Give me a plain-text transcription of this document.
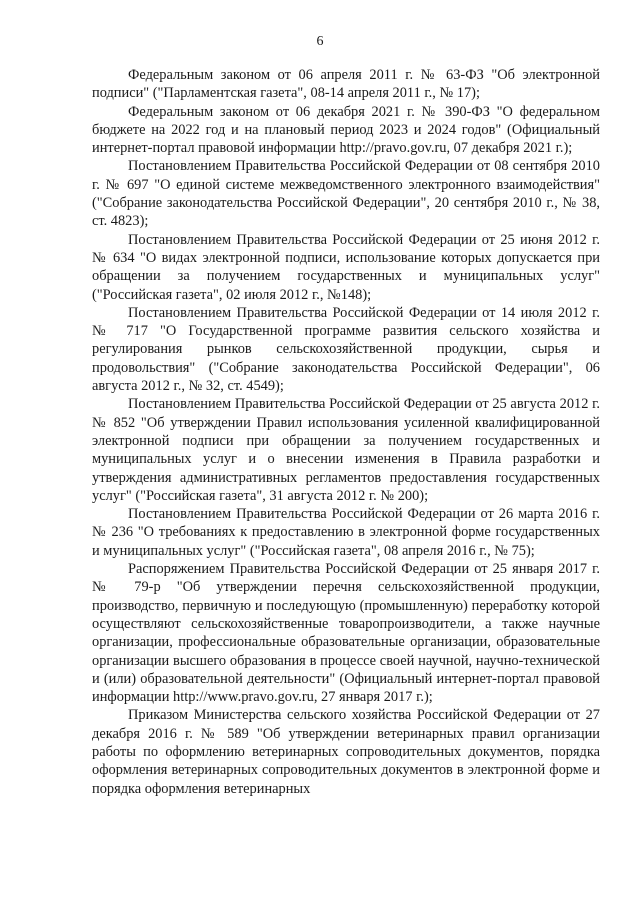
6

Федеральным законом от 06 апреля 2011 г. № 63-ФЗ "Об электронной подписи" ("Парламентская газета", 08-14 апреля 2011 г., № 17);

Федеральным законом от 06 декабря 2021 г. № 390-ФЗ "О федеральном бюджете на 2022 год и на плановый период 2023 и 2024 годов" (Официальный интернет-портал правовой информации http://pravo.gov.ru, 07 декабря 2021 г.);

Постановлением Правительства Российской Федерации от 08 сентября 2010 г. № 697 "О единой системе межведомственного электронного взаимодействия" ("Собрание законодательства Российской Федерации", 20 сентября 2010 г., № 38, ст. 4823);

Постановлением Правительства Российской Федерации от 25 июня 2012 г. № 634 "О видах электронной подписи, использование которых допускается при обращении за получением государственных и муниципальных услуг" ("Российская газета", 02 июля 2012 г., №148);

Постановлением Правительства Российской Федерации от 14 июля 2012 г. № 717 "О Государственной программе развития сельского хозяйства и регулирования рынков сельскохозяйственной продукции, сырья и продовольствия" ("Собрание законодательства Российской Федерации", 06 августа 2012 г., № 32, ст. 4549);

Постановлением Правительства Российской Федерации от 25 августа 2012 г. № 852 "Об утверждении Правил использования усиленной квалифицированной электронной подписи при обращении за получением государственных и муниципальных услуг и о внесении изменения в Правила разработки и утверждения административных регламентов предоставления государственных услуг" ("Российская газета", 31 августа 2012 г. № 200);

Постановлением Правительства Российской Федерации от 26 марта 2016 г. № 236 "О требованиях к предоставлению в электронной форме государственных и муниципальных услуг" ("Российская газета", 08 апреля 2016 г., № 75);

Распоряжением Правительства Российской Федерации от 25 января 2017 г. № 79-р "Об утверждении перечня сельскохозяйственной продукции, производство, первичную и последующую (промышленную) переработку которой осуществляют сельскохозяйственные товаропроизводители, а также научные организации, профессиональные образовательные организации, образовательные организации высшего образования в процессе своей научной, научно-технической и (или) образовательной деятельности" (Официальный интернет-портал правовой информации http://www.pravo.gov.ru, 27 января 2017 г.);

Приказом Министерства сельского хозяйства Российской Федерации от 27 декабря 2016 г. № 589 "Об утверждении ветеринарных правил организации работы по оформлению ветеринарных сопроводительных документов, порядка оформления ветеринарных сопроводительных документов в электронной форме и порядка оформления ветеринарных
